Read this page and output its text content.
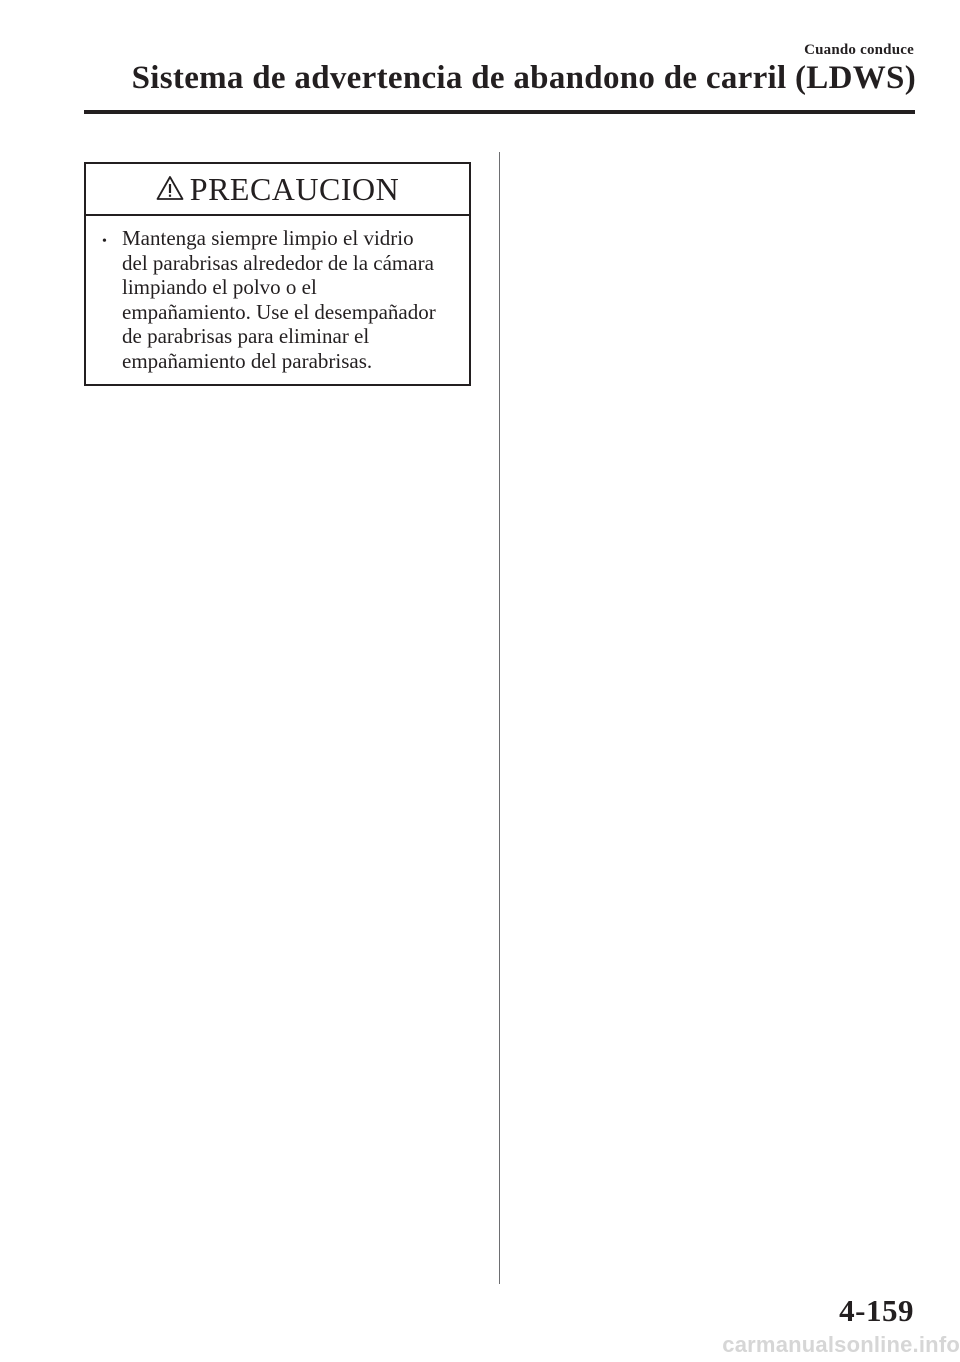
Cuando conduce
Sistema de advertencia de abandono de carril (LDWS)
PRECAUCION
• Mantenga siempre limpio el vidrio
del parabrisas alrededor de la cámara
limpiando el polvo o el
empañamiento. Use el desempañador
de parabrisas para eliminar el
empañamiento del parabrisas.
4-159
carmanualsonline.info
